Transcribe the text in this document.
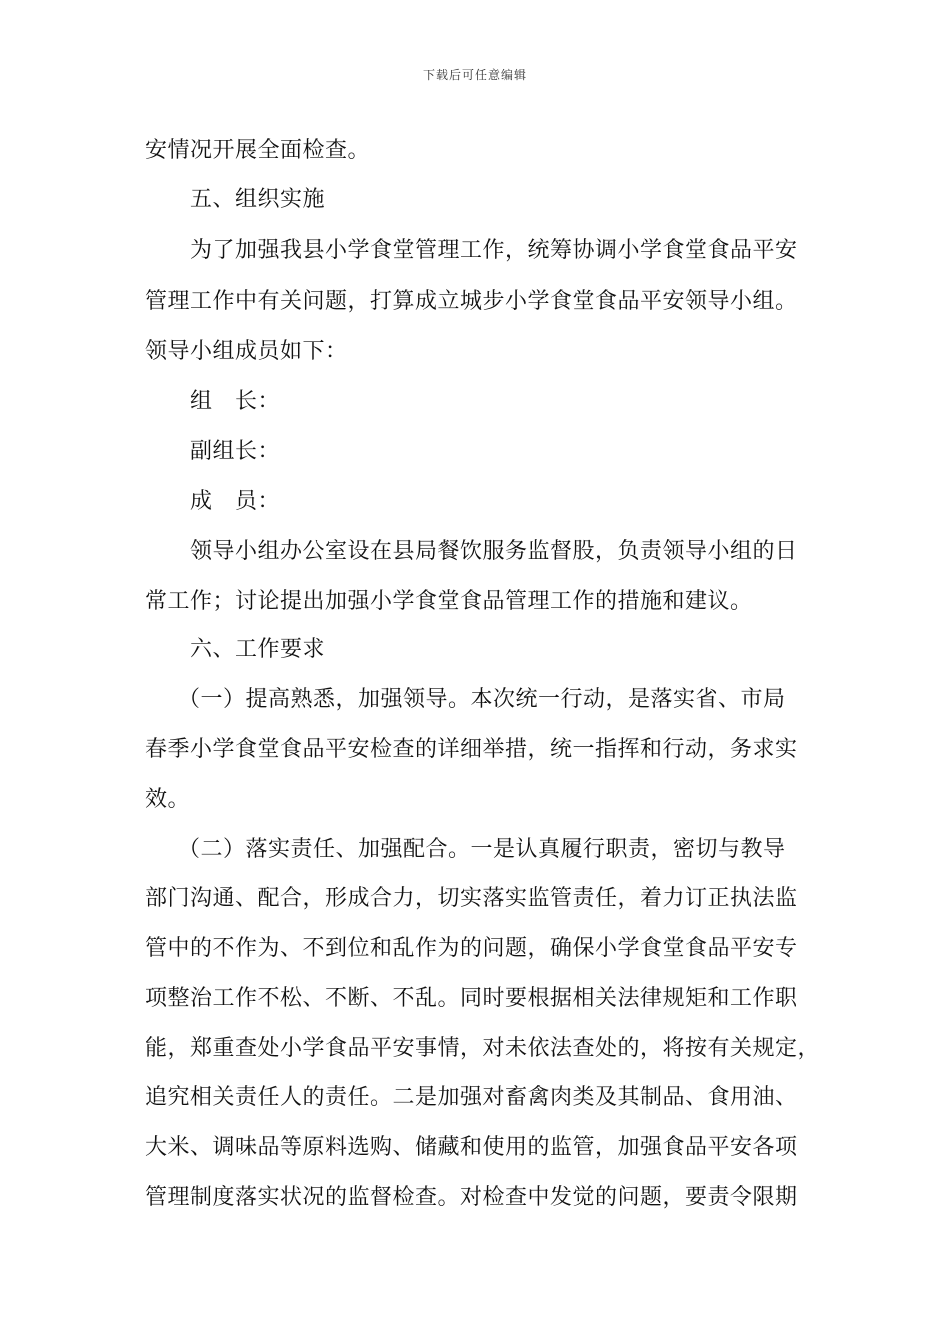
下载后可任意编辑
安情况开展全面检查。
五、组织实施
为了加强我县小学食堂管理工作，统筹协调小学食堂食品平安
管理工作中有关问题，打算成立城步小学食堂食品平安领导小组。
领导小组成员如下：
组　长：
副组长：
成　员：
领导小组办公室设在县局餐饮服务监督股，负责领导小组的日
常工作；讨论提出加强小学食堂食品管理工作的措施和建议。
六、工作要求
（一）提高熟悉，加强领导。本次统一行动，是落实省、市局
春季小学食堂食品平安检查的详细举措，统一指挥和行动，务求实
效。
（二）落实责任、加强配合。一是认真履行职责，密切与教导
部门沟通、配合，形成合力，切实落实监管责任，着力订正执法监
管中的不作为、不到位和乱作为的问题，确保小学食堂食品平安专
项整治工作不松、不断、不乱。同时要根据相关法律规矩和工作职
能，郑重查处小学食品平安事情，对未依法查处的，将按有关规定，
追究相关责任人的责任。二是加强对畜禽肉类及其制品、食用油、
大米、调味品等原料选购、储藏和使用的监管，加强食品平安各项
管理制度落实状况的监督检查。对检查中发觉的问题，要责令限期
